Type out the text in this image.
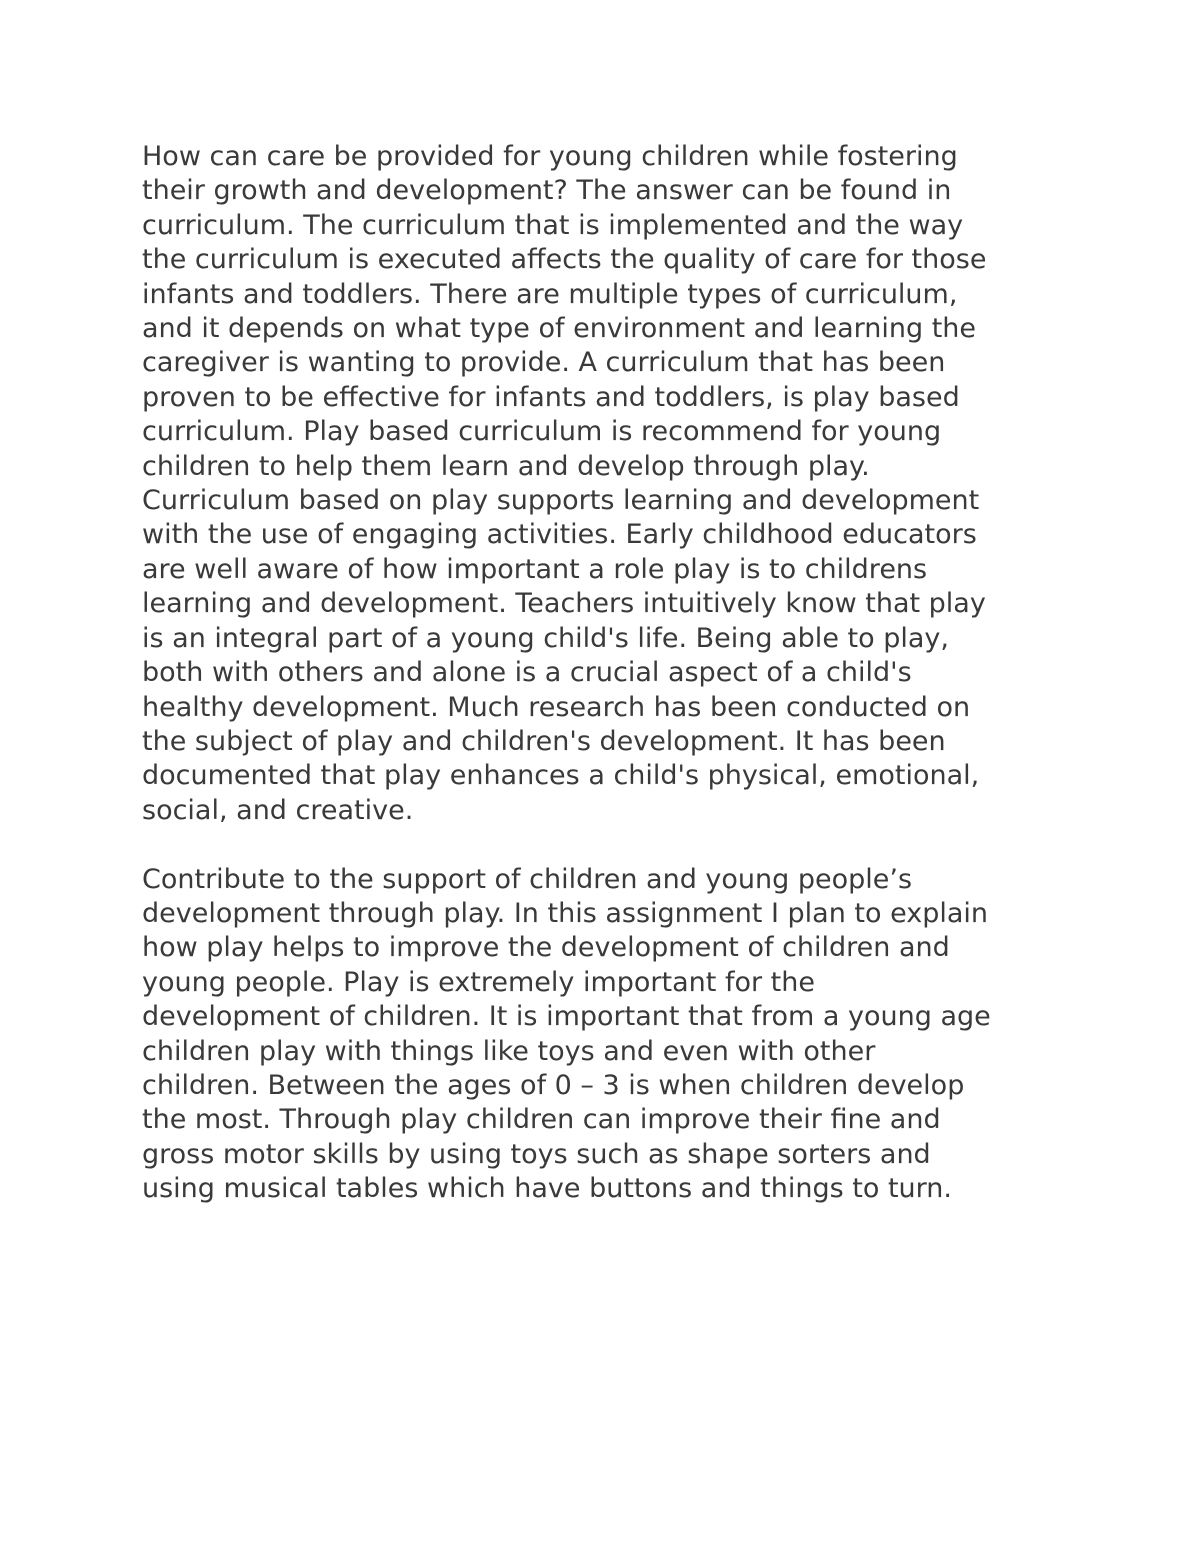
How can care be provided for young children while fostering
their growth and development? The answer can be found in
curriculum. The curriculum that is implemented and the way
the curriculum is executed affects the quality of care for those
infants and toddlers. There are multiple types of curriculum,
and it depends on what type of environment and learning the
caregiver is wanting to provide. A curriculum that has been
proven to be effective for infants and toddlers, is play based
curriculum. Play based curriculum is recommend for young
children to help them learn and develop through play.
Curriculum based on play supports learning and development
with the use of engaging activities. Early childhood educators
are well aware of how important a role play is to childrens
learning and development. Teachers intuitively know that play
is an integral part of a young child's life. Being able to play,
both with others and alone is a crucial aspect of a child's
healthy development. Much research has been conducted on
the subject of play and children's development. It has been
documented that play enhances a child's physical, emotional,
social, and creative.

Contribute to the support of children and young people’s
development through play. In this assignment I plan to explain
how play helps to improve the development of children and
young people. Play is extremely important for the
development of children. It is important that from a young age
children play with things like toys and even with other
children. Between the ages of 0 – 3 is when children develop
the most. Through play children can improve their fine and
gross motor skills by using toys such as shape sorters and
using musical tables which have buttons and things to turn.
